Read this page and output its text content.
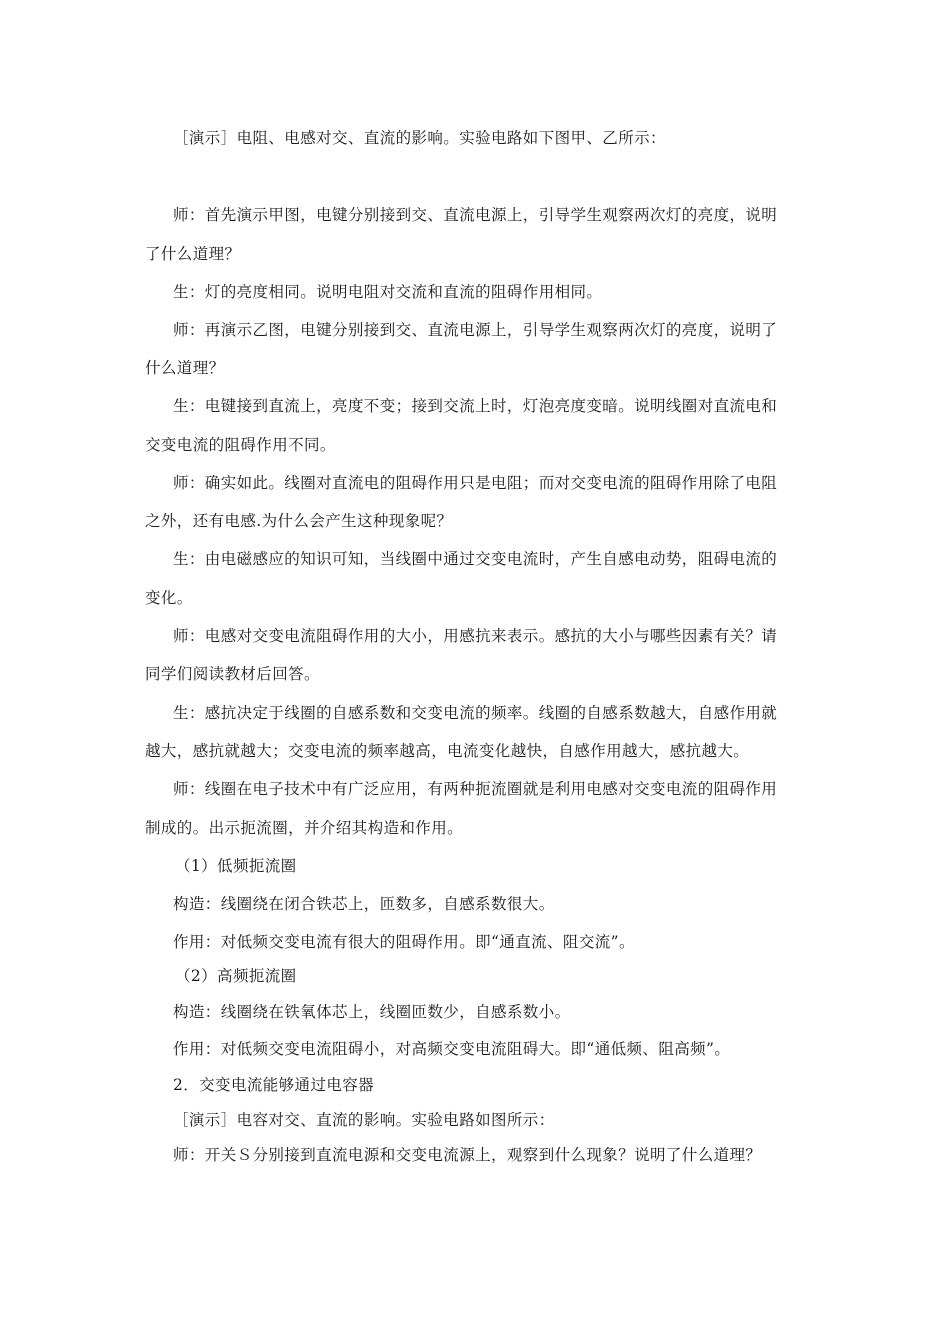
［演示］电阻、电感对交、直流的影响。实验电路如下图甲、乙所示：
师：首先演示甲图，电键分别接到交、直流电源上，引导学生观察两次灯的亮度，说明
了什么道理？
生：灯的亮度相同。说明电阻对交流和直流的阻碍作用相同。
师：再演示乙图，电键分别接到交、直流电源上，引导学生观察两次灯的亮度，说明了
什么道理？
生：电键接到直流上，亮度不变；接到交流上时，灯泡亮度变暗。说明线圈对直流电和
交变电流的阻碍作用不同。
师：确实如此。线圈对直流电的阻碍作用只是电阻；而对交变电流的阻碍作用除了电阻
之外，还有电感.为什么会产生这种现象呢？
生：由电磁感应的知识可知，当线圈中通过交变电流时，产生自感电动势，阻碍电流的
变化。
师：电感对交变电流阻碍作用的大小，用感抗来表示。感抗的大小与哪些因素有关？请
同学们阅读教材后回答。
生：感抗决定于线圈的自感系数和交变电流的频率。线圈的自感系数越大，自感作用就
越大，感抗就越大；交变电流的频率越高，电流变化越快，自感作用越大，感抗越大。
师：线圈在电子技术中有广泛应用，有两种扼流圈就是利用电感对交变电流的阻碍作用
制成的。出示扼流圈，并介绍其构造和作用。
（1）低频扼流圈
构造：线圈绕在闭合铁芯上，匝数多，自感系数很大。
作用：对低频交变电流有很大的阻碍作用。即“通直流、阻交流”。
（2）高频扼流圈
构造：线圈绕在铁氧体芯上，线圈匝数少，自感系数小。
作用：对低频交变电流阻碍小，对高频交变电流阻碍大。即“通低频、阻高频”。
2．交变电流能够通过电容器
［演示］电容对交、直流的影响。实验电路如图所示：
师：开关Ｓ分别接到直流电源和交变电流源上，观察到什么现象？说明了什么道理？
